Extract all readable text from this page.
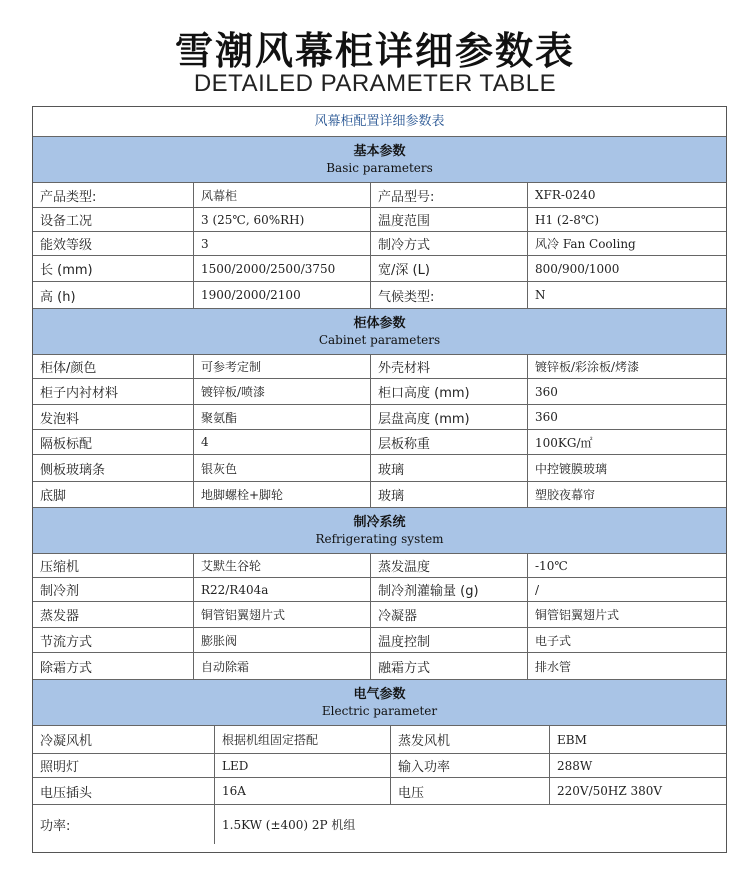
雪潮风幕柜详细参数表
DETAILED PARAMETER TABLE
风幕柜配置详细参数表
基本参数
Basic parameters
产品类型:	风幕柜	产品型号:	XFR-0240
设备工况	3 (25℃, 60%RH)	温度范围	H1 (2-8℃)
能效等级	3	制冷方式	风冷 Fan Cooling
长 (mm)	1500/2000/2500/3750	宽/深 (L)	800/900/1000
高 (h)	1900/2000/2100	气候类型:	N
柜体参数
Cabinet parameters
柜体/颜色	可参考定制	外壳材料	镀锌板/彩涂板/烤漆
柜子内衬材料	镀锌板/喷漆	柜口高度 (mm)	360
发泡料	聚氨酯	层盘高度 (mm)	360
隔板标配	4	层板称重	100KG/㎡
侧板玻璃条	银灰色	玻璃	中控镀膜玻璃
底脚	地脚螺栓+脚轮	玻璃	塑胶夜幕帘
制冷系统
Refrigerating system
压缩机	艾默生谷轮	蒸发温度	-10℃
制冷剂	R22/R404a	制冷剂灌输量 (g)	/
蒸发器	铜管铝翼翅片式	冷凝器	铜管铝翼翅片式
节流方式	膨胀阀	温度控制	电子式
除霜方式	自动除霜	融霜方式	排水管
电气参数
Electric parameter
冷凝风机	根据机组固定搭配	蒸发风机	EBM
照明灯	LED	输入功率	288W
电压插头	16A	电压	220V/50HZ 380V
功率:	1.5KW (±400) 2P 机组
